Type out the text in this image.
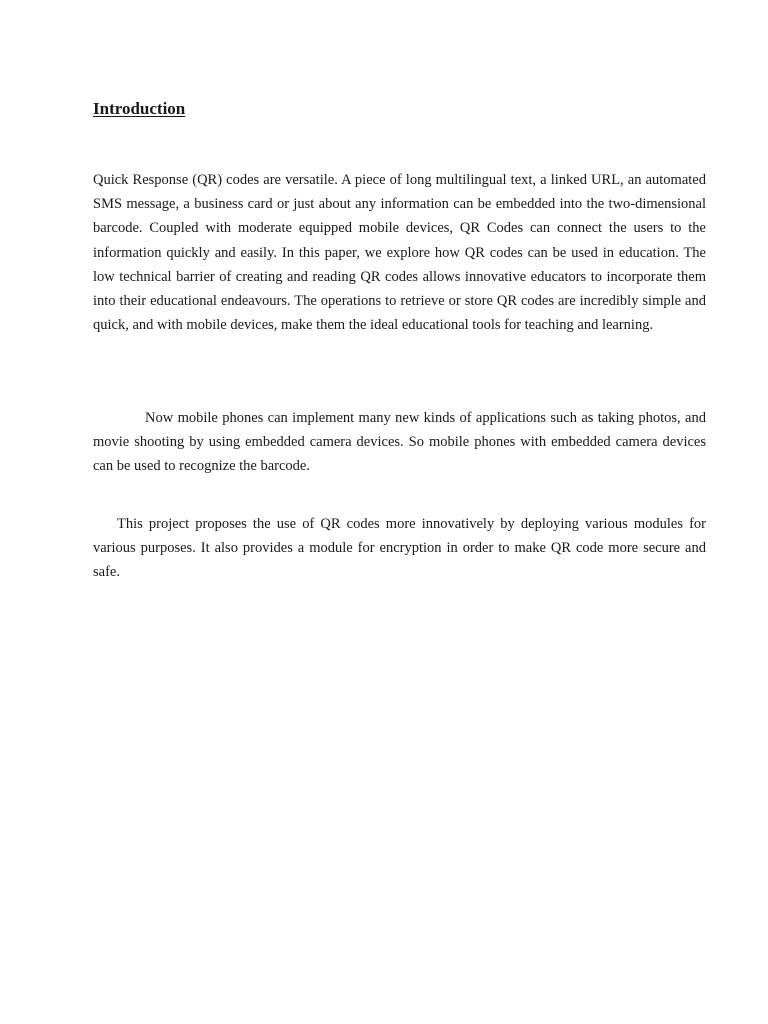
Introduction

Quick Response (QR) codes are versatile. A piece of long multilingual text, a linked URL, an automated SMS message, a business card or just about any information can be embedded into the two-dimensional barcode. Coupled with moderate equipped mobile devices, QR Codes can connect the users to the information quickly and easily. In this paper, we explore how QR codes can be used in education. The low technical barrier of creating and reading QR codes allows innovative educators to incorporate them into their educational endeavours. The operations to retrieve or store QR codes are incredibly simple and quick, and with mobile devices, make them the ideal educational tools for teaching and learning.

Now mobile phones can implement many new kinds of applications such as taking photos, and movie shooting by using embedded camera devices. So mobile phones with embedded camera devices can be used to recognize the barcode.

This project proposes the use of QR codes more innovatively by deploying various modules for various purposes. It also provides a module for encryption in order to make QR code more secure and safe.
